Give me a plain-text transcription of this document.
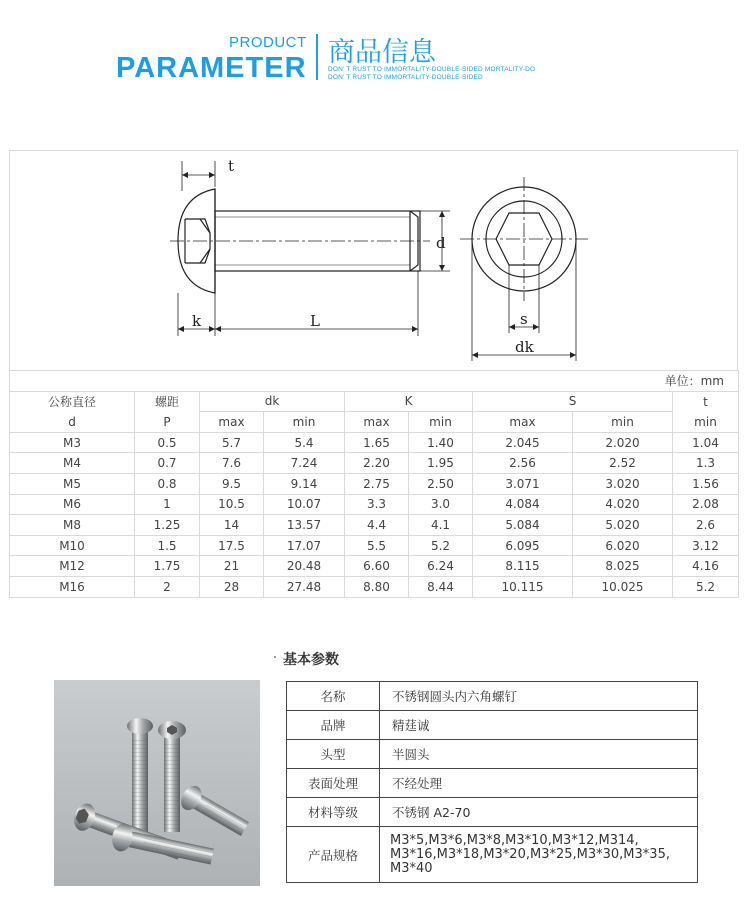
PRODUCT
PARAMETER 商品信息
DON’ T RUST TO IMMORTALITY-DOUBLE-SIDED MORTALITY-DO
DON’ T RUST TO IMMORTALITY-DOUBLE-SIDED
t
d
k	L	s
dk
单位：mm								
公称直径	螺距	dk		K		S		t
d	P	max	min	max	min	max	min	min
M3	0.5	5.7	5.4	1.65	1.40	2.045	2.020	1.04
M4	0.7	7.6	7.24	2.20	1.95	2.56	2.52	1.3
M5	0.8	9.5	9.14	2.75	2.50	3.071	3.020	1.56
M6	1	10.5	10.07	3.3	3.0	4.084	4.020	2.08
M8	1.25	14	13.57	4.4	4.1	5.084	5.020	2.6
M10	1.5	17.5	17.07	5.5	5.2	6.095	6.020	3.12
M12	1.75	21	20.48	6.60	6.24	8.115	8.025	4.16
M16	2	28	27.48	8.80	8.44	10.115	10.025	5.2
基本参数
名称	不锈钢圆头内六角螺钉
品牌	精莛诚
头型	半圆头
表面处理	不经处理
材料等级	不锈钢 A2-70
产品规格	M3*5,M3*6,M3*8,M3*10,M3*12,M314,
M3*16,M3*18,M3*20,M3*25,M3*30,M3*35,
M3*40
